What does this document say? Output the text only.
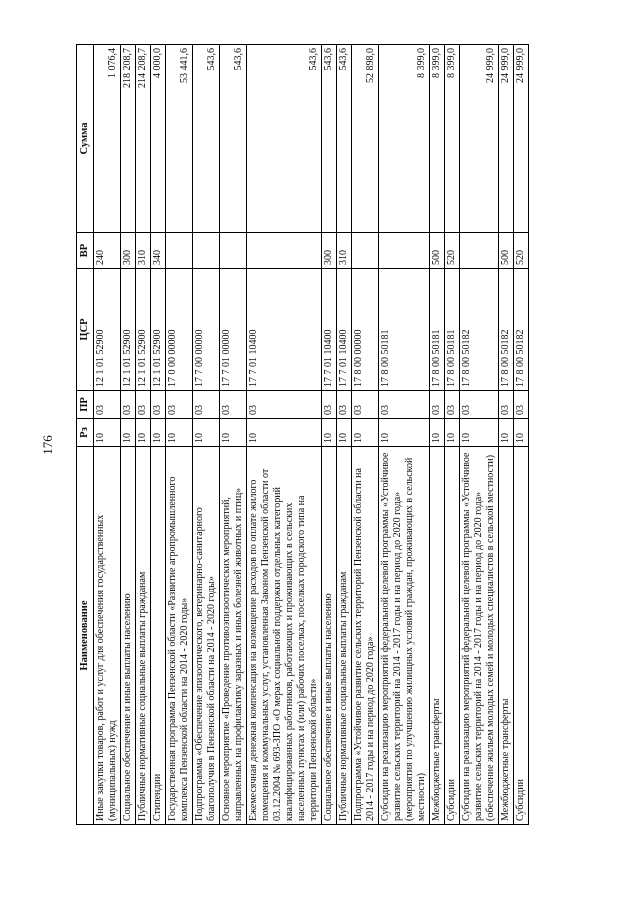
176
Наименование	Рз	ПР	ЦСР	ВР	Сумма
Иные закупки товаров, работ и услуг для обеспечения государственных (муниципальных) нужд	10	03	12 1 01 52900	240	1 076,4
Социальное обеспечение и иные выплаты населению	10	03	12 1 01 52900	300	218 208,7
Публичные нормативные социальные выплаты гражданам	10	03	12 1 01 52900	310	214 208,7
Стипендии	10	03	12 1 01 52900	340	4 000,0
Государственная программа Пензенской области «Развитие агропромышленного комплекса Пензенской области на 2014 - 2020 годы»	10	03	17 0 00 00000		53 441,6
Подпрограмма «Обеспечение эпизоотического, ветеринарно-санитарного благополучия в Пензенской области на 2014 - 2020 годы»	10	03	17 7 00 00000		543,6
Основное мероприятие «Проведение противоэпизоотических мероприятий, направленных на профилактику заразных и иных болезней животных и птиц»	10	03	17 7 01 00000		543,6
Ежемесячная денежная компенсация на возмещение расходов по оплате жилого помещения и коммунальных услуг, установленная Законом Пензенской области от 03.12.2004 № 693-ЗПО «О мерах социальной поддержки отдельных категорий квалифицированных работников, работающих и проживающих в сельских населенных пунктах и (или) рабочих поселках, поселках городского типа на территории Пензенской области»	10	03	17 7 01 10400		543,6
Социальное обеспечение и иные выплаты населению	10	03	17 7 01 10400	300	543,6
Публичные нормативные социальные выплаты гражданам	10	03	17 7 01 10400	310	543,6
Подпрограмма «Устойчивое развитие сельских территорий Пензенской области на 2014 - 2017 годы и на период до 2020 года»	10	03	17 8 00 00000		52 898,0
Субсидии на реализацию мероприятий федеральной целевой программы «Устойчивое развитие сельских территорий на 2014 - 2017 годы и на период до 2020 года» (мероприятия по улучшению жилищных условий граждан, проживающих в сельской местности)	10	03	17 8 00 50181		8 399,0
Межбюджетные трансферты	10	03	17 8 00 50181	500	8 399,0
Субсидии	10	03	17 8 00 50181	520	8 399,0
Субсидии на реализацию мероприятий федеральной целевой программы «Устойчивое развитие сельских территорий на 2014 - 2017 годы и на период до 2020 года» (обеспечение жильем молодых семей и молодых специалистов в сельской местности)	10	03	17 8 00 50182		24 999,0
Межбюджетные трансферты	10	03	17 8 00 50182	500	24 999,0
Субсидии	10	03	17 8 00 50182	520	24 999,0
